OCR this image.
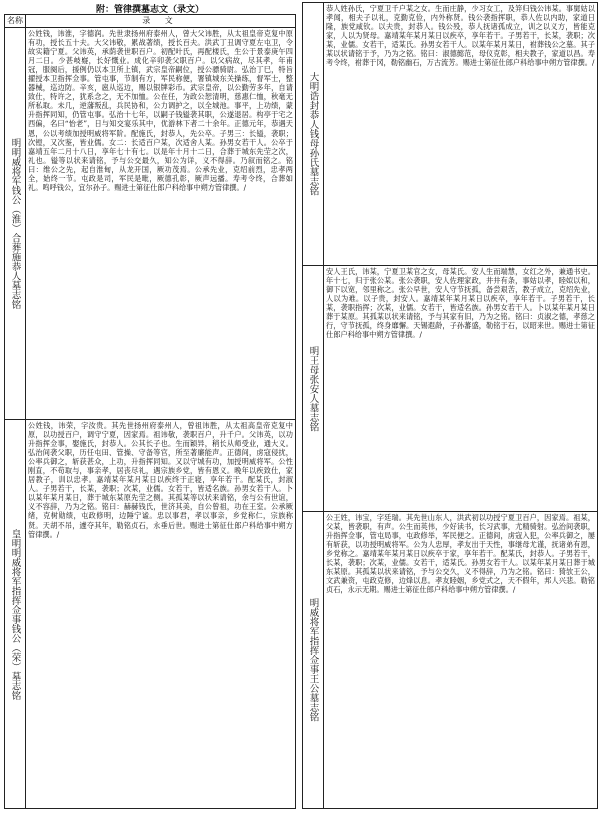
附：管律撰墓志文（录文）
名称	录 文
明明威将军钱公（淮）合葬施恭人墓志铭
公姓钱，讳淮，字德润。先世隶扬州府泰州人，曾大父讳胜，从太祖皇帝克复中原有功，授长五十夫。大父讳敬，累战著绩，授长百夫。洪武丁丑调守夏左屯卫，令故实籍宁夏。父讳英，承荫袭世职百户。初配叶氏，再配楼氏，生公于景泰庚午四月二日。少甚岐嶷，长好慨业。成化辛卯袭父职百户。以父病故，尽其孝，年甫冠，服阕后，援例仍以本卫所上镇，武宗皇帝嗣位，授公骠骑尉。弘治丁巳，特旨擢授本卫指挥佥事。管屯事，节制有方，军民称便，署镇城东关操练，督军士，整器械，巡边防。辛亥，扈从巡边，赐以银牌彩币。武宗皇帝，以公勤劳多年，自请致仕，特许之，犹系念之，无不加恤。公在任，为政公恕清明，慈惠仁恤，秋毫无所私取。未几，逆藩叛乱，兵民协和，公力调护之，以全城池。事平，上功绩，蒙升指挥同知，仍管屯事。弘治十七年，以嗣子钱镒袭其职，公遂退居。构亭于宅之西偏，名曰“怡老”，日与知交宴乐其中，优游林下者二十余年。正德元年，恭遇天恩，公以考绩加授明威将军阶。配施氏，封恭人，先公卒。子男三：长镒，袭职；次镗，又次鉴，皆业儒。女二：长适百户某，次适舍人某。孙男女若干人。公卒于嘉靖五年二月十八日，享年七十有七。以是年十月十二日，合葬于城东先茔之次，礼也。镒等以状来请铭，予与公交最久，知公为详，义不得辞。乃叙而铭之。铭曰：维公之先，起自淮甸，从龙开国，厥功茂焉。公承先业，克绍前烈，忠孝两全，始终一节。屯政是司，军民是毗，厥德孔彰，厥声远播。寿考令终，合葬如礼。鸣呼钱公，宜尔孙子。赐进士第征仕郎户科给事中朔方管律撰。/
皇明明威将军指挥佥事钱公（荣）墓志铭
公姓钱，讳荣，字汝贵。其先世扬州府泰州人，曾祖讳胜，从太祖高皇帝克复中原，以功授百户，调守宁夏，因家焉。祖讳敬，袭职百户，升千户。父讳英，以功升指挥佥事，娶施氏，封恭人。公其长子也。生而颖异，稍长从师受业，通大义。弘治间袭父职，历任屯田、管操、守备等官，所至著廉能声。正德间，虏寇侵扰，公率兵御之，斩获甚众，上功，升指挥同知。又以守城有功，加授明威将军。公性刚直，不苟取与，事亲孝，居丧尽礼，遇宗族乡党，皆有恩义。晚年以疾致仕，家居教子，训以忠孝。嘉靖某年某月某日以疾终于正寝，享年若干。配某氏，封淑人。子男若干，长某，袭职；次某，业儒。女若干，皆适名族。孙男女若干人。卜以某年某月某日，葬于城东某原先茔之侧。其孤某等以状来请铭，余与公有世谊，义不容辞，乃为之铭。铭曰：赫赫钱氏，世济其美，自公曾祖，功在王室。公承厥绪，克树勋绩，屯政修明，边陲宁谧。忠以事君，孝以事亲，乡党称仁，宗族称贤。天胡不吊，遽夺其年，勒铭贞石，永垂后世。赐进士第征仕郎户科给事中朔方管律撰。/
大明诰封恭人钱母孙氏墓志铭
恭人姓孙氏，宁夏卫千户某之女。生而庄静，少习女工，及笄归钱公讳某。事舅姑以孝闻，相夫子以礼，克勤克俭，内外称贤。钱公袭指挥职，恭人佐以内助，家道日隆，族党咸钦。以夫贵，封恭人。钱公殁，恭人抚诸孤成立，训之以义方，皆能克家，人以为贤母。嘉靖某年某月某日以疾卒，享年若干。子男若干，长某，袭职；次某，业儒。女若干，适某氏。孙男女若干人。以某年某月某日，祔葬钱公之墓。其子某以状请铭于予，乃为之铭。铭曰：淑德懿范，母仪克彰，相夫教子，家道以昌。寿考令终，祔葬于冈，勒铭幽石，万古流芳。赐进士第征仕郎户科给事中朔方管律撰。/
明王母张安人墓志铭
安人王氏，讳某，宁夏卫某官之女，母某氏。安人生而端慧，女红之外，兼通书史。年十七，归于张公某。张公袭职，安人佐理家政，井井有条，事姑以孝，睦姒以和，御下以宽，邻里称之。张公早世，安人守节抚孤，备尝艰苦，教子成立，克绍先业，人以为难。以子贵，封安人。嘉靖某年某月某日以疾卒，享年若干。子男若干，长某，袭职指挥；次某，业儒。女若干，皆适名族。孙男女若干人。卜以某年某月某日葬于某原。其孤某以状来请铭，予与其家有旧，乃为之铭。铭曰：贞淑之德，孝慈之行，守节抚孤，终身靡懈。天锡遐龄，子孙蕃盛，勒铭于石，以昭来世。赐进士第征仕郎户科给事中朔方管律撰。/
明威将军指挥佥事王公墓志铭
公王姓，讳宝，字廷瑞。其先世山东人，洪武初以功授宁夏卫百户，因家焉。祖某，父某，皆袭职，有声。公生而英伟，少好读书，长习武事，尤精骑射。弘治间袭职，升指挥佥事，管屯局事，屯政修举，军民便之。正德间，虏寇入犯，公率兵御之，屡有斩获，以功授明威将军。公为人忠厚，孝友出于天性，事继母尤谨，抚诸弟有恩，乡党称之。嘉靖某年某月某日以疾卒于家，享年若干。配某氏，封恭人。子男若干，长某，袭职；次某，业儒。女若干，适某氏。孙男女若干人。以某年某月某日葬于城东某原。其孤某以状来请铭，予与公交久，义不得辞，乃为之铭。铭曰：猗欤王公，文武兼资，屯政克修，边烽以息。孝友睦姻，乡党式之，天不假年，邦人兴悲。勒铭贞石，永示无期。赐进士第征仕郎户科给事中朔方管律撰。/
